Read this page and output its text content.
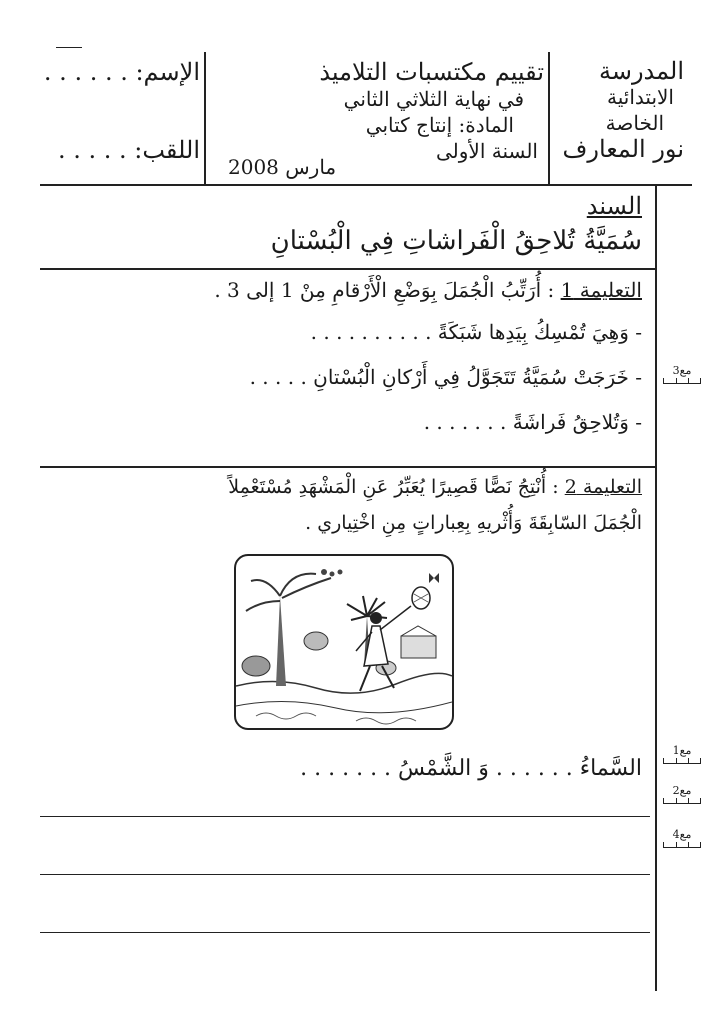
المدرسة
الابتدائية
الخاصة
نور المعارف
تقييم مكتسبات التلاميذ
في نهاية الثلاثي الثاني
المادة: إنتاج كتابي
السنة الأولى
مارس 2008
الإسم: . . . . . .
اللقب: . . . . .
السند
سُمَيَّةُ تُلاحِقُ الْفَراشاتِ فِي الْبُسْتانِ
التعليمة 1 : أُرَتِّبُ الْجُمَلَ بِوَضْعِ الْأَرْقامِ مِنْ 1 إلى 3 .
- وَهِيَ تُمْسِكُ بِيَدِها شَبَكَةً . . . . . . . . . .
- خَرَجَتْ سُمَيَّةُ تَتَجَوَّلُ فِي أَرْكانِ الْبُسْتانِ . . . . .
- وَتُلاحِقُ فَراشَةً . . . . . . .
مع3
التعليمة 2 : أُنْتِجُ نَصًّا قَصِيرًا يُعَبِّرُ عَنِ الْمَشْهَدِ مُسْتَعْمِلاً
الْجُمَلَ السّابِقَةَ وَأُثْريهِ بِعِباراتٍ مِنِ اخْتِياري .
السَّماءُ . . . . . . وَ الشَّمْسُ . . . . . . .
مع1
مع2
مع4
